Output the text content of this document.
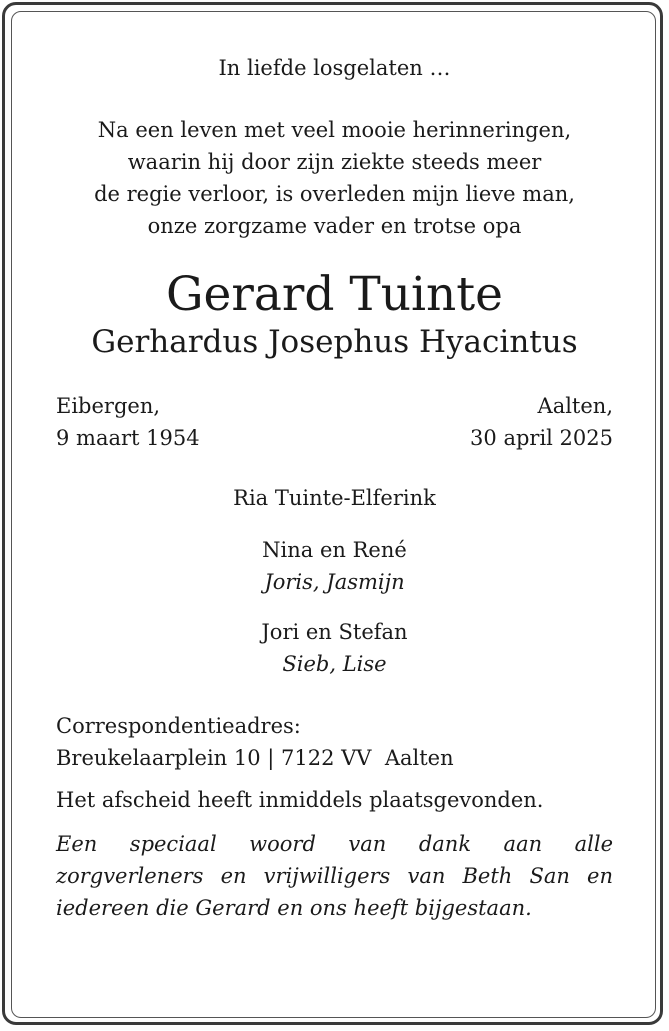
In liefde losgelaten …
Na een leven met veel mooie herinneringen,
waarin hij door zijn ziekte steeds meer
de regie verloor, is overleden mijn lieve man,
onze zorgzame vader en trotse opa
Gerard Tuinte
Gerhardus Josephus Hyacintus
Eibergen,
9 maart 1954
Aalten,
30 april 2025
Ria Tuinte-Elferink
Nina en René
Joris, Jasmijn
Jori en Stefan
Sieb, Lise
Correspondentieadres:
Breukelaarplein 10 | 7122 VV  Aalten
Het afscheid heeft inmiddels plaatsgevonden.
Een speciaal woord van dank aan alle
zorgverleners en vrijwilligers van Beth San en
iedereen die Gerard en ons heeft bijgestaan.
